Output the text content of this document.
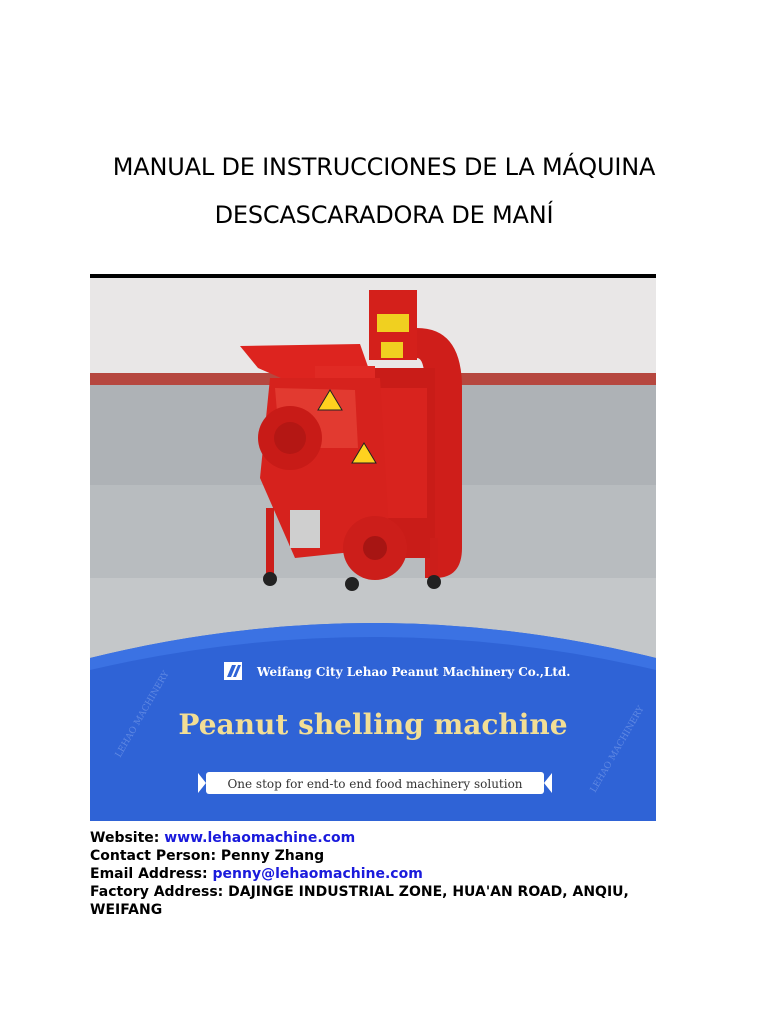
MANUAL DE INSTRUCCIONES DE LA MÁQUINA
DESCASCARADORA DE MANÍ
LEHAO MACHINERY	LEHAO MACHINERY
Weifang City Lehao Peanut Machinery Co.,Ltd.
Peanut shelling machine
One stop for end-to end food machinery solution
Website: www.lehaomachine.com
Contact Person: Penny Zhang
Email Address: penny@lehaomachine.com
Factory Address: DAJINGE INDUSTRIAL ZONE, HUA'AN ROAD, ANQIU,
WEIFANG
